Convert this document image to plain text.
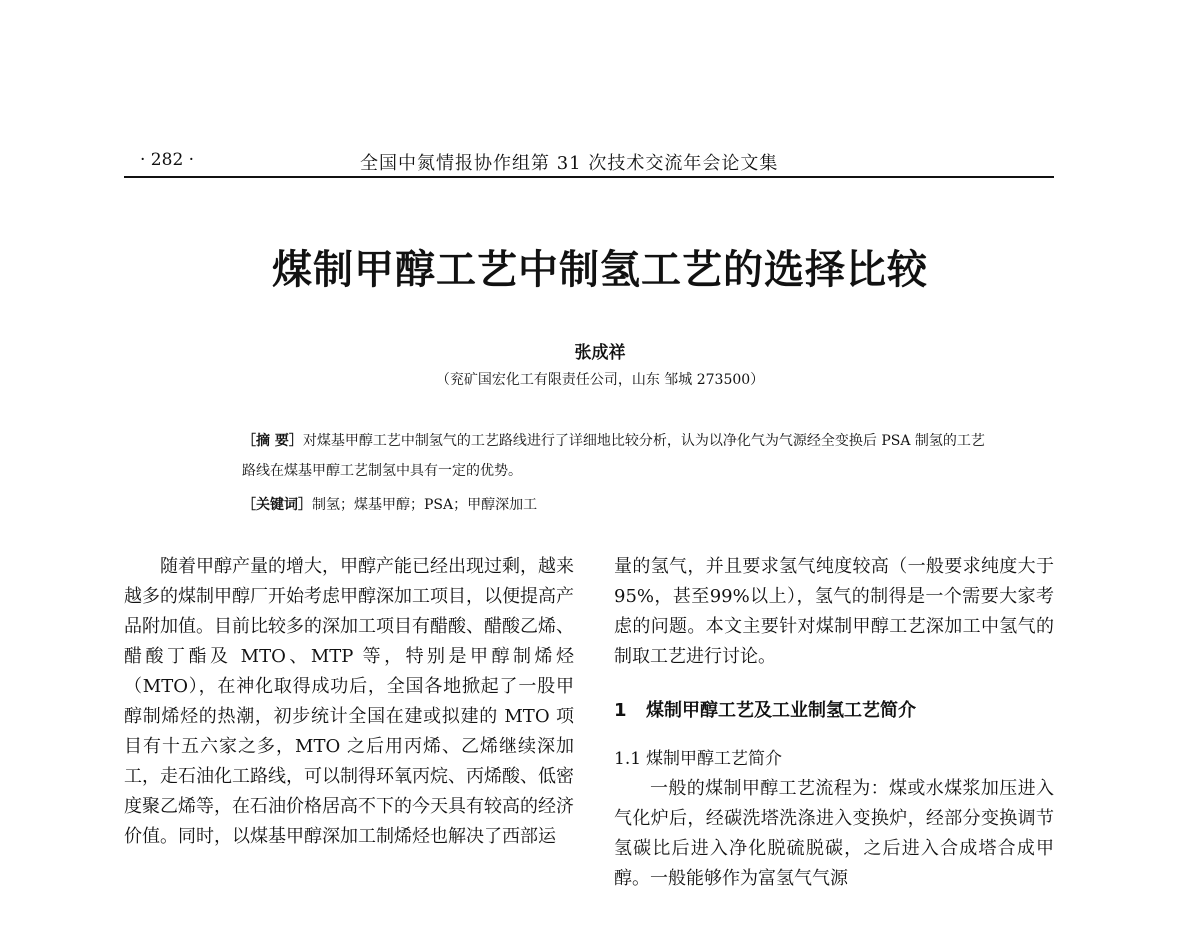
· 282 ·	全国中氮情报协作组第 31 次技术交流年会论文集
煤制甲醇工艺中制氢工艺的选择比较
张成祥
（兖矿国宏化工有限责任公司，山东 邹城 273500）
［摘 要］对煤基甲醇工艺中制氢气的工艺路线进行了详细地比较分析，认为以净化气为气源经全变换后 PSA 制氢的工艺路线在煤基甲醇工艺制氢中具有一定的优势。
［关键词］制氢；煤基甲醇；PSA；甲醇深加工

随着甲醇产量的增大，甲醇产能已经出现过剩，越来越多的煤制甲醇厂开始考虑甲醇深加工项目，以便提高产品附加值。目前比较多的深加工项目有醋酸、醋酸乙烯、醋酸丁酯及 MTO、MTP 等，特别是甲醇制烯烃（MTO），在神化取得成功后，全国各地掀起了一股甲醇制烯烃的热潮，初步统计全国在建或拟建的 MTO 项目有十五六家之多，MTO 之后用丙烯、乙烯继续深加工，走石油化工路线，可以制得环氧丙烷、丙烯酸、低密度聚乙烯等，在石油价格居高不下的今天具有较高的经济价值。同时，以煤基甲醇深加工制烯烃也解决了西部运

量的氢气，并且要求氢气纯度较高（一般要求纯度大于95%，甚至99%以上），氢气的制得是一个需要大家考虑的问题。本文主要针对煤制甲醇工艺深加工中氢气的制取工艺进行讨论。

1 煤制甲醇工艺及工业制氢工艺简介
1.1 煤制甲醇工艺简介

一般的煤制甲醇工艺流程为：煤或水煤浆加压进入气化炉后，经碳洗塔洗涤进入变换炉，经部分变换调节氢碳比后进入净化脱硫脱碳，之后进入合成塔合成甲醇。一般能够作为富氢气气源
